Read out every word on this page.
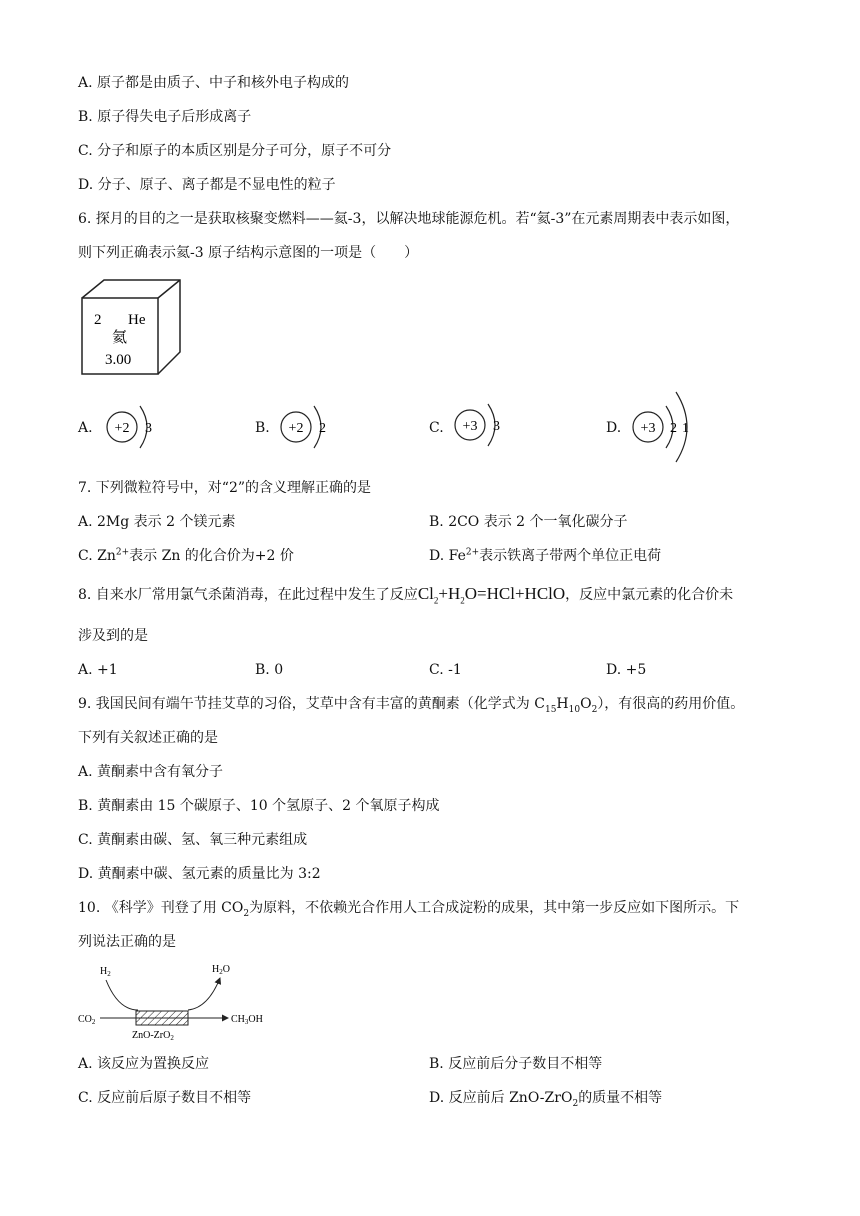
A. 原子都是由质子、中子和核外电子构成的
B. 原子得失电子后形成离子
C. 分子和原子的本质区别是分子可分，原子不可分
D. 分子、原子、离子都是不显电性的粒子
6. 探月的目的之一是获取核聚变燃料——氦-3，以解决地球能源危机。若“氦-3”在元素周期表中表示如图，
则下列正确表示氦-3 原子结构示意图的一项是（　　）
2 He
氦
3.00
A. +2 3	B. +2 2	C. +3 3	D. +3 2 1
7. 下列微粒符号中，对“2”的含义理解正确的是
A. 2Mg 表示 2 个镁元素	B. 2CO 表示 2 个一氧化碳分子
C. $Zn^{2+}$表示 Zn 的化合价为+2 价	D. $Fe^{2+}$表示铁离子带两个单位正电荷
8. 自来水厂常用氯气杀菌消毒，在此过程中发生了反应$Cl_2+H_2O=HCl+HClO$，反应中氯元素的化合价未
涉及到的是
A. +1	B. 0	C. -1	D. +5
9. 我国民间有端午节挂艾草的习俗，艾草中含有丰富的黄酮素（化学式为 $C_{15}H_{10}O_2$），有很高的药用价值。
下列有关叙述正确的是
A. 黄酮素中含有氧分子
B. 黄酮素由 15 个碳原子、10 个氢原子、2 个氧原子构成
C. 黄酮素由碳、氢、氧三种元素组成
D. 黄酮素中碳、氢元素的质量比为 3:2
10. 《科学》刊登了用 $CO_2$为原料，不依赖光合作用人工合成淀粉的成果，其中第一步反应如下图所示。下
列说法正确的是
$H_2$	$H_2O$
$CO_2$	$CH_3OH$
ZnO-ZrO$_2$
A. 该反应为置换反应	B. 反应前后分子数目不相等
C. 反应前后原子数目不相等	D. 反应前后 ZnO-ZrO$_2$的质量不相等
